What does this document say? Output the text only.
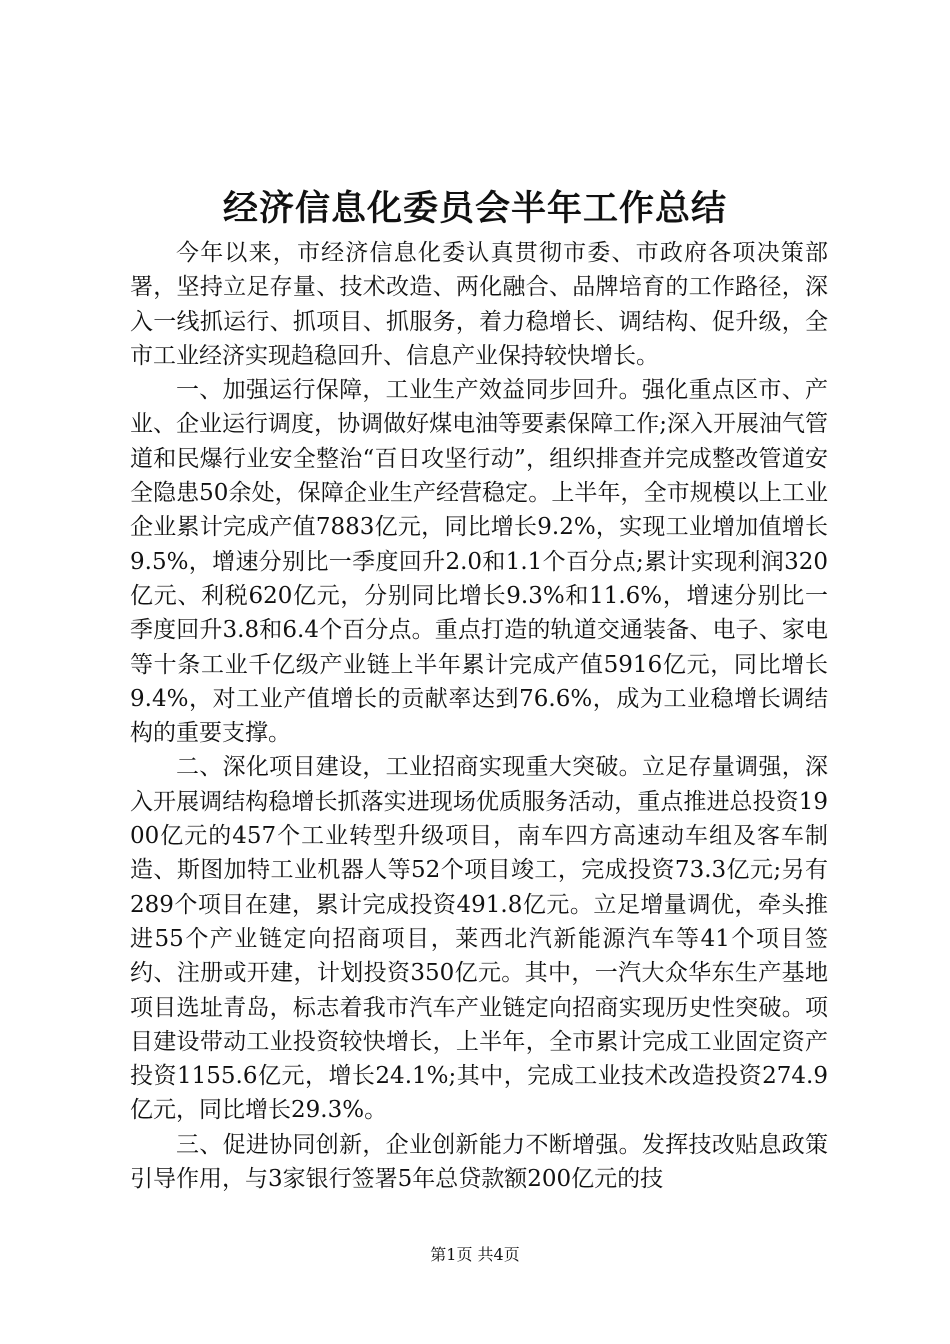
经济信息化委员会半年工作总结

今年以来，市经济信息化委认真贯彻市委、市政府各项决策部署，坚持立足存量、技术改造、两化融合、品牌培育的工作路径，深入一线抓运行、抓项目、抓服务，着力稳增长、调结构、促升级，全市工业经济实现趋稳回升、信息产业保持较快增长。

一、加强运行保障，工业生产效益同步回升。强化重点区市、产业、企业运行调度，协调做好煤电油等要素保障工作;深入开展油气管道和民爆行业安全整治“百日攻坚行动”，组织排查并完成整改管道安全隐患50余处，保障企业生产经营稳定。上半年，全市规模以上工业企业累计完成产值7883亿元，同比增长9.2%，实现工业增加值增长9.5%，增速分别比一季度回升2.0和1.1个百分点;累计实现利润320亿元、利税620亿元，分别同比增长9.3%和11.6%，增速分别比一季度回升3.8和6.4个百分点。重点打造的轨道交通装备、电子、家电等十条工业千亿级产业链上半年累计完成产值5916亿元，同比增长9.4%，对工业产值增长的贡献率达到76.6%，成为工业稳增长调结构的重要支撑。

二、深化项目建设，工业招商实现重大突破。立足存量调强，深入开展调结构稳增长抓落实进现场优质服务活动，重点推进总投资1900亿元的457个工业转型升级项目，南车四方高速动车组及客车制造、斯图加特工业机器人等52个项目竣工，完成投资73.3亿元;另有289个项目在建，累计完成投资491.8亿元。立足增量调优，牵头推进55个产业链定向招商项目，莱西北汽新能源汽车等41个项目签约、注册或开建，计划投资350亿元。其中，一汽大众华东生产基地项目选址青岛，标志着我市汽车产业链定向招商实现历史性突破。项目建设带动工业投资较快增长，上半年，全市累计完成工业固定资产投资1155.6亿元，增长24.1%;其中，完成工业技术改造投资274.9亿元，同比增长29.3%。

三、促进协同创新，企业创新能力不断增强。发挥技改贴息政策引导作用，与3家银行签署5年总贷款额200亿元的技

第1页 共4页
